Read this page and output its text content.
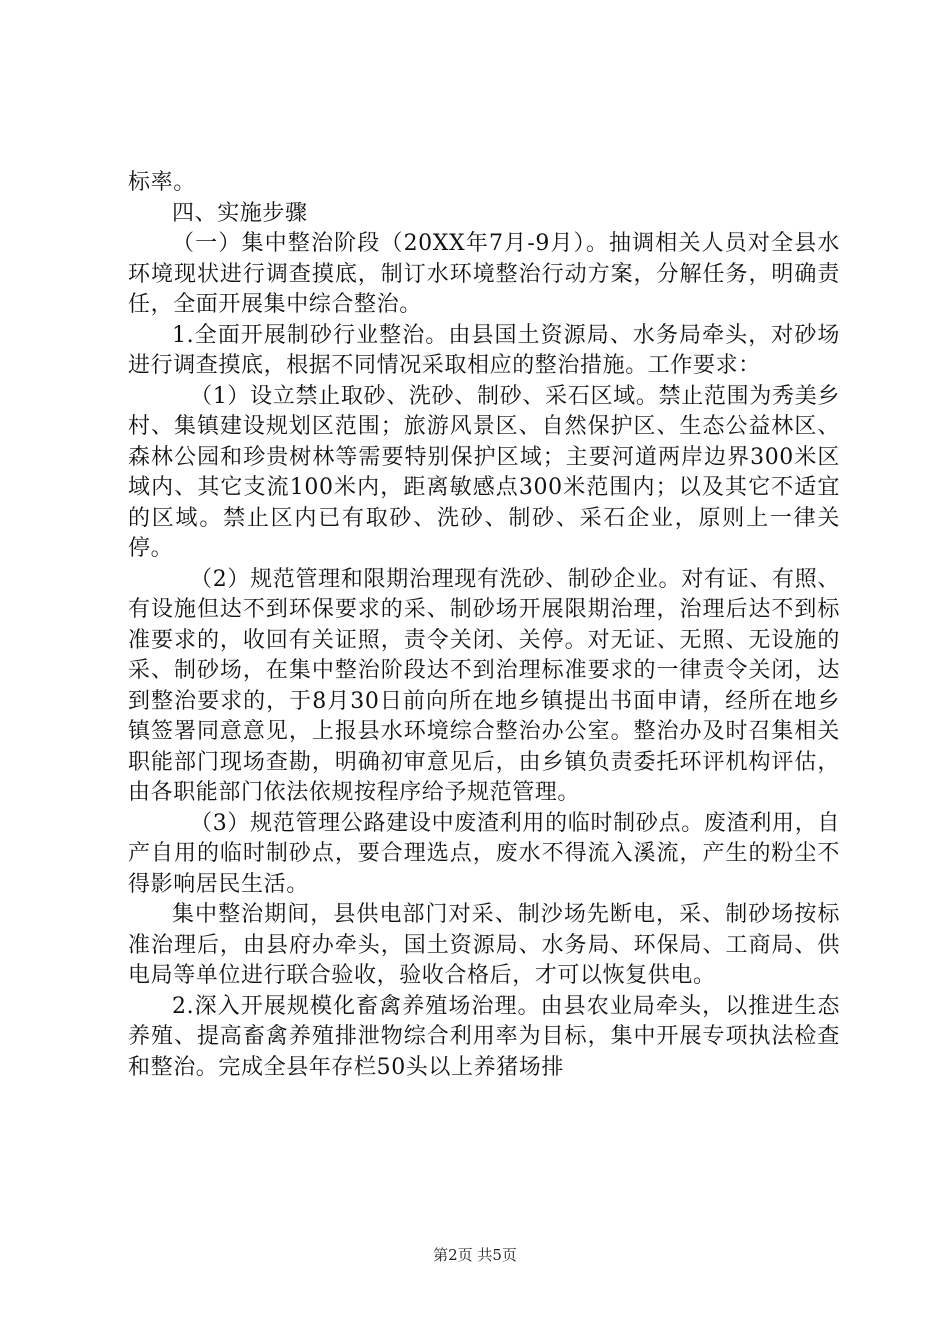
标率。

四、实施步骤

（一）集中整治阶段（20XX年7月-9月）。抽调相关人员对全县水环境现状进行调查摸底，制订水环境整治行动方案，分解任务，明确责任，全面开展集中综合整治。

1.全面开展制砂行业整治。由县国土资源局、水务局牵头，对砂场进行调查摸底，根据不同情况采取相应的整治措施。工作要求：

（1）设立禁止取砂、洗砂、制砂、采石区域。禁止范围为秀美乡村、集镇建设规划区范围；旅游风景区、自然保护区、生态公益林区、森林公园和珍贵树林等需要特别保护区域；主要河道两岸边界300米区域内、其它支流100米内，距离敏感点300米范围内；以及其它不适宜的区域。禁止区内已有取砂、洗砂、制砂、采石企业，原则上一律关停。

（2）规范管理和限期治理现有洗砂、制砂企业。对有证、有照、有设施但达不到环保要求的采、制砂场开展限期治理，治理后达不到标准要求的，收回有关证照，责令关闭、关停。对无证、无照、无设施的采、制砂场，在集中整治阶段达不到治理标准要求的一律责令关闭，达到整治要求的，于8月30日前向所在地乡镇提出书面申请，经所在地乡镇签署同意意见，上报县水环境综合整治办公室。整治办及时召集相关职能部门现场查勘，明确初审意见后，由乡镇负责委托环评机构评估，由各职能部门依法依规按程序给予规范管理。

（3）规范管理公路建设中废渣利用的临时制砂点。废渣利用，自产自用的临时制砂点，要合理选点，废水不得流入溪流，产生的粉尘不得影响居民生活。

集中整治期间，县供电部门对采、制沙场先断电，采、制砂场按标准治理后，由县府办牵头，国土资源局、水务局、环保局、工商局、供电局等单位进行联合验收，验收合格后，才可以恢复供电。

2.深入开展规模化畜禽养殖场治理。由县农业局牵头，以推进生态养殖、提高畜禽养殖排泄物综合利用率为目标，集中开展专项执法检查和整治。完成全县年存栏50头以上养猪场排

第2页 共5页
